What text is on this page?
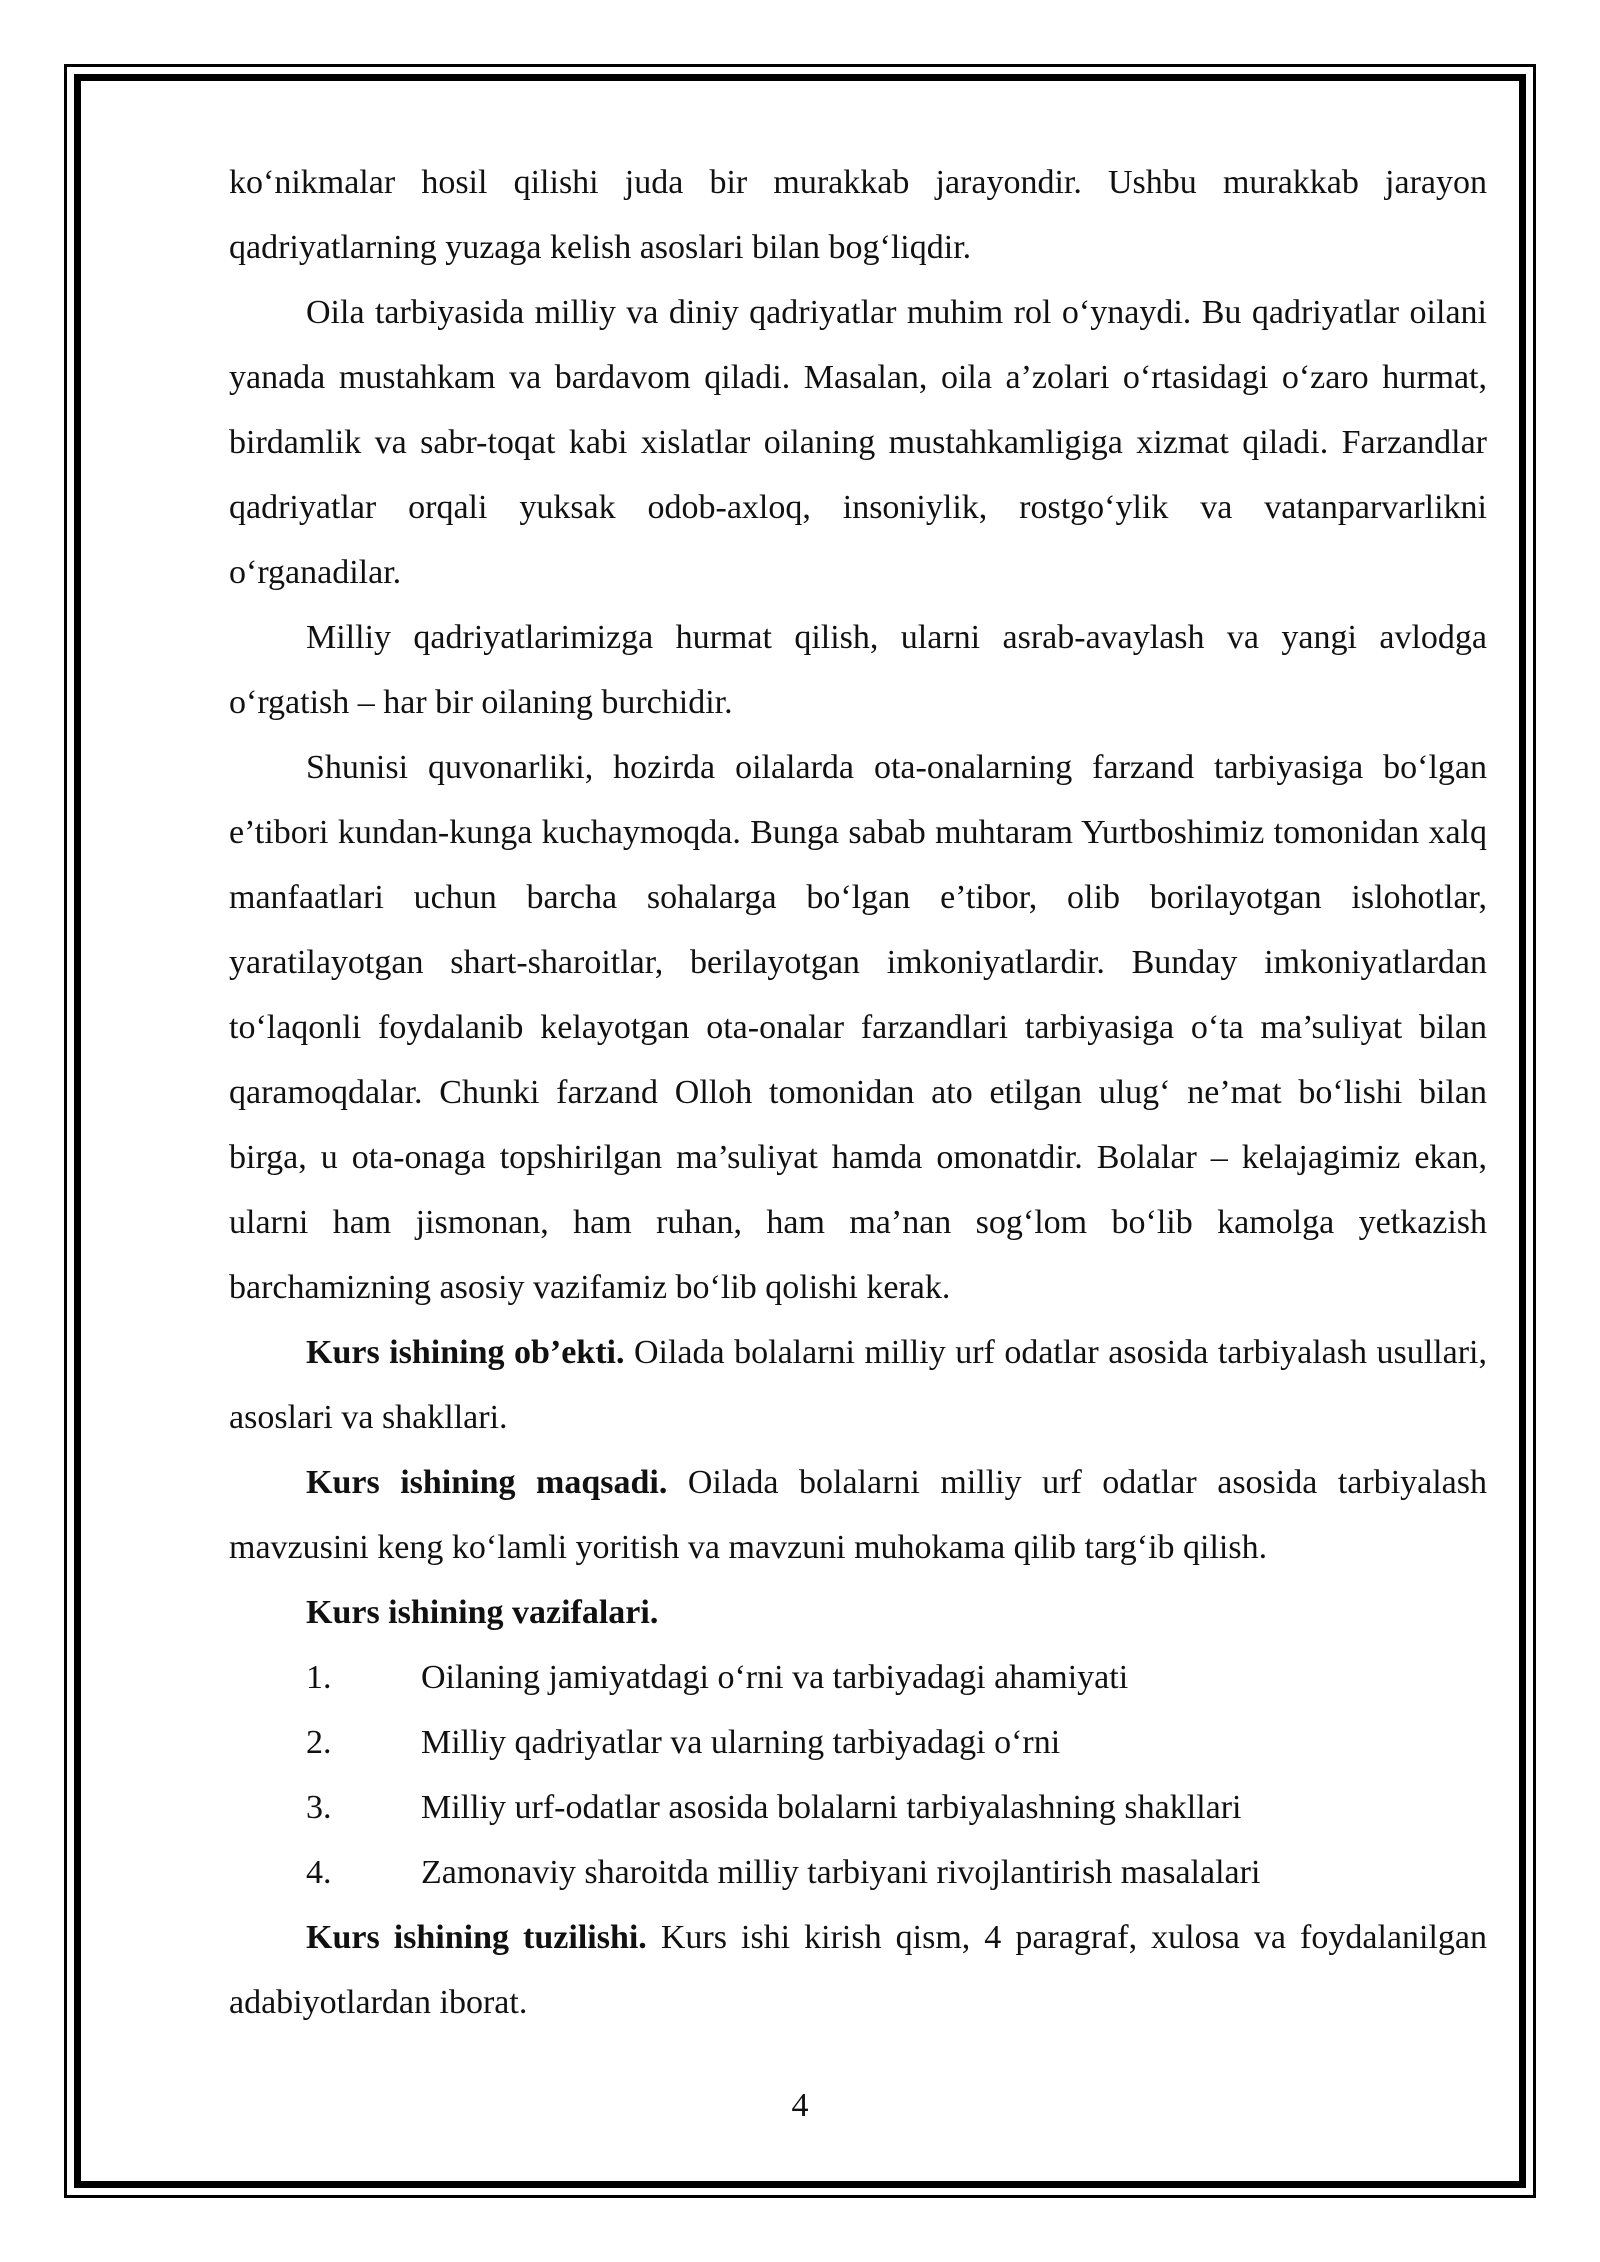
ko‘nikmalar hosil qilishi juda bir murakkab jarayondir. Ushbu murakkab jarayon qadriyatlarning yuzaga kelish asoslari bilan bog‘liqdir.

Oila tarbiyasida milliy va diniy qadriyatlar muhim rol o‘ynaydi. Bu qadriyatlar oilani yanada mustahkam va bardavom qiladi. Masalan, oila a’zolari o‘rtasidagi o‘zaro hurmat, birdamlik va sabr-toqat kabi xislatlar oilaning mustahkamligiga xizmat qiladi. Farzandlar qadriyatlar orqali yuksak odob-axloq, insoniylik, rostgo‘ylik va vatanparvarlikni o‘rganadilar.

Milliy qadriyatlarimizga hurmat qilish, ularni asrab-avaylash va yangi avlodga o‘rgatish – har bir oilaning burchidir.

Shunisi quvonarliki, hozirda oilalarda ota-onalarning farzand tarbiyasiga bo‘lgan e’tibori kundan-kunga kuchaymoqda. Bunga sabab muhtaram Yurtboshimiz tomonidan xalq manfaatlari uchun barcha sohalarga bo‘lgan e’tibor, olib borilayotgan islohotlar, yaratilayotgan shart-sharoitlar, berilayotgan imkoniyatlardir. Bunday imkoniyatlardan to‘laqonli foydalanib kelayotgan ota-onalar farzandlari tarbiyasiga o‘ta ma’suliyat bilan qaramoqdalar. Chunki farzand Olloh tomonidan ato etilgan ulug‘ ne’mat bo‘lishi bilan birga, u ota-onaga topshirilgan ma’suliyat hamda omonatdir. Bolalar – kelajagimiz ekan, ularni ham jismonan, ham ruhan, ham ma’nan sog‘lom bo‘lib kamolga yetkazish barchamizning asosiy vazifamiz bo‘lib qolishi kerak.

Kurs ishining ob’ekti. Oilada bolalarni milliy urf odatlar asosida tarbiyalash usullari, asoslari va shakllari.

Kurs ishining maqsadi. Oilada bolalarni milliy urf odatlar asosida tarbiyalash mavzusini keng ko‘lamli yoritish va mavzuni muhokama qilib targ‘ib qilish.

Kurs ishining vazifalari.

1.	Oilaning jamiyatdagi o‘rni va tarbiyadagi ahamiyati
2.	Milliy qadriyatlar va ularning tarbiyadagi o‘rni
3.	Milliy urf-odatlar asosida bolalarni tarbiyalashning shakllari
4.	Zamonaviy sharoitda milliy tarbiyani rivojlantirish masalalari

Kurs ishining tuzilishi. Kurs ishi kirish qism, 4 paragraf, xulosa va foydalanilgan adabiyotlardan iborat.

4
